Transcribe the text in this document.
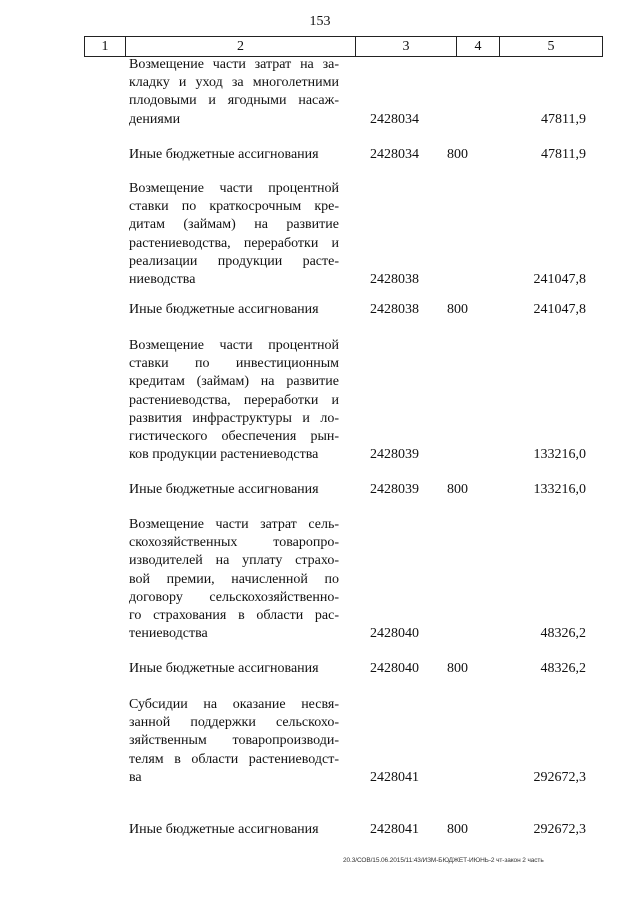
153
1	2	3	4	5
Возмещение части затрат на за-
кладку и уход за многолетними
плодовыми и ягодными насаж-
дениями	2428034	47811,9
Иные бюджетные ассигнования	2428034 800	47811,9
Возмещение части процентной
ставки по краткосрочным кре-
дитам (займам) на развитие
растениеводства, переработки и
реализации продукции расте-
ниеводства	2428038	241047,8
Иные бюджетные ассигнования	2428038 800	241047,8
Возмещение части процентной
ставки по инвестиционным
кредитам (займам) на развитие
растениеводства, переработки и
развития инфраструктуры и ло-
гистического обеспечения рын-
ков продукции растениеводства	2428039	133216,0
Иные бюджетные ассигнования	2428039 800	133216,0
Возмещение части затрат сель-
скохозяйственных товаропро-
изводителей на уплату страхо-
вой премии, начисленной по
договору сельскохозяйственно-
го страхования в области рас-
тениеводства	2428040	48326,2
Иные бюджетные ассигнования	2428040 800	48326,2
Субсидии на оказание несвя-
занной поддержки сельскохо-
зяйственным товаропроизводи-
телям в области растениеводст-
ва	2428041	292672,3
Иные бюджетные ассигнования	2428041 800	292672,3
20.3/СОВ/15.06.2015/11:43/ИЗМ-БЮДЖЕТ-ИЮНЬ-2 чт-закон 2 часть
